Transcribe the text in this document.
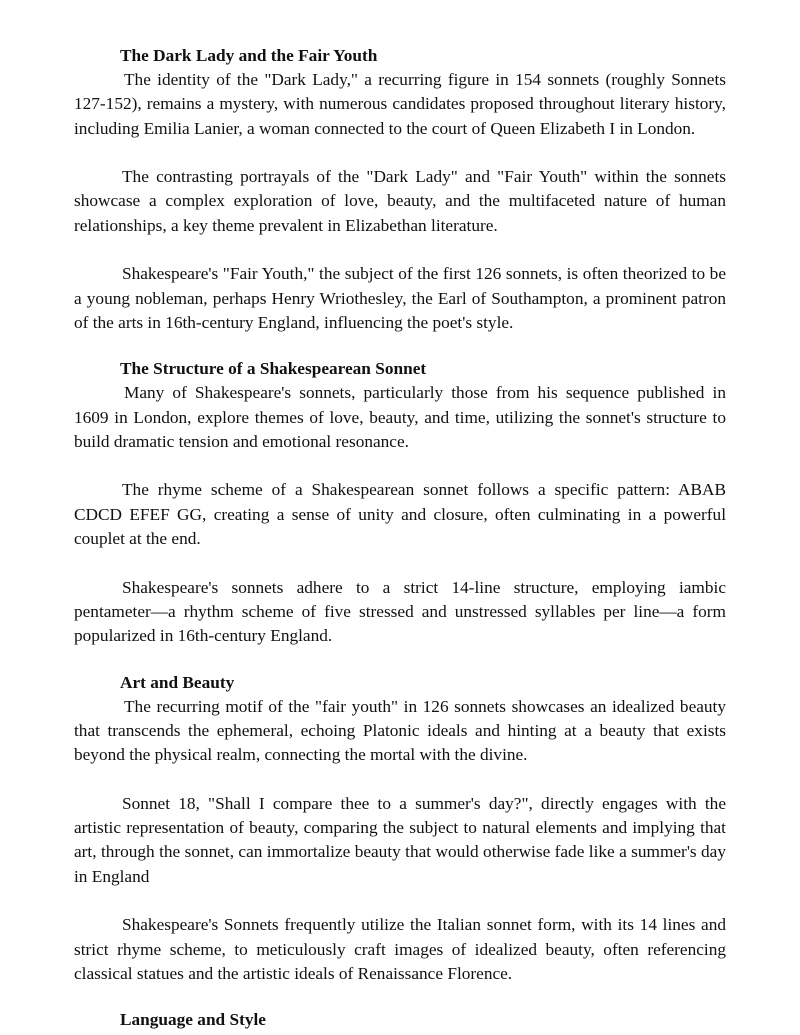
The Dark Lady and the Fair Youth

The identity of the "Dark Lady," a recurring figure in 154 sonnets (roughly Sonnets 127-152), remains a mystery, with numerous candidates proposed throughout literary history, including Emilia Lanier, a woman connected to the court of Queen Elizabeth I in London.

The contrasting portrayals of the "Dark Lady" and "Fair Youth" within the sonnets showcase a complex exploration of love, beauty, and the multifaceted nature of human relationships, a key theme prevalent in Elizabethan literature.

Shakespeare's "Fair Youth," the subject of the first 126 sonnets, is often theorized to be a young nobleman, perhaps Henry Wriothesley, the Earl of Southampton, a prominent patron of the arts in 16th-century England, influencing the poet's style.

The Structure of a Shakespearean Sonnet

Many of Shakespeare's sonnets, particularly those from his sequence published in 1609 in London, explore themes of love, beauty, and time, utilizing the sonnet's structure to build dramatic tension and emotional resonance.

The rhyme scheme of a Shakespearean sonnet follows a specific pattern: ABAB CDCD EFEF GG, creating a sense of unity and closure, often culminating in a powerful couplet at the end.

Shakespeare's sonnets adhere to a strict 14-line structure, employing iambic pentameter—a rhythm scheme of five stressed and unstressed syllables per line—a form popularized in 16th-century England.

Art and Beauty

The recurring motif of the "fair youth" in 126 sonnets showcases an idealized beauty that transcends the ephemeral, echoing Platonic ideals and hinting at a beauty that exists beyond the physical realm, connecting the mortal with the divine.

Sonnet 18, "Shall I compare thee to a summer's day?", directly engages with the artistic representation of beauty, comparing the subject to natural elements and implying that art, through the sonnet, can immortalize beauty that would otherwise fade like a summer's day in England

Shakespeare's Sonnets frequently utilize the Italian sonnet form, with its 14 lines and strict rhyme scheme, to meticulously craft images of idealized beauty, often referencing classical statues and the artistic ideals of Renaissance Florence.

Language and Style
